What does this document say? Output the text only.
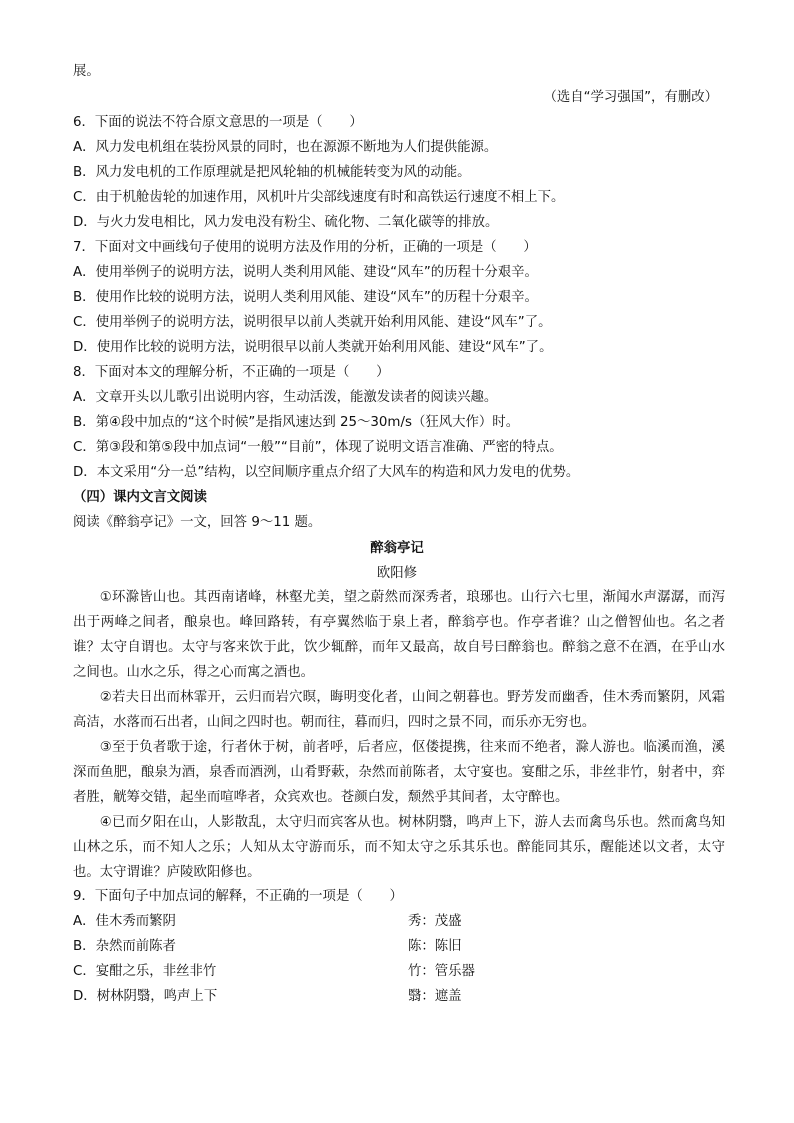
展。
（选自“学习强国”，有删改）
6．下面的说法不符合原文意思的一项是（　　）
A．风力发电机组在装扮风景的同时，也在源源不断地为人们提供能源。
B．风力发电机的工作原理就是把风轮轴的机械能转变为风的动能。
C．由于机舱齿轮的加速作用，风机叶片尖部线速度有时和高铁运行速度不相上下。
D．与火力发电相比，风力发电没有粉尘、硫化物、二氧化碳等的排放。
7．下面对文中画线句子使用的说明方法及作用的分析，正确的一项是（　　）
A．使用举例子的说明方法，说明人类利用风能、建设“风车”的历程十分艰辛。
B．使用作比较的说明方法，说明人类利用风能、建设“风车”的历程十分艰辛。
C．使用举例子的说明方法，说明很早以前人类就开始利用风能、建设“风车”了。
D．使用作比较的说明方法，说明很早以前人类就开始利用风能、建设“风车”了。
8．下面对本文的理解分析，不正确的一项是（　　）
A．文章开头以儿歌引出说明内容，生动活泼，能激发读者的阅读兴趣。
B．第④段中加点的“这个时候”是指风速达到 25～30m/s（狂风大作）时。
C．第③段和第⑤段中加点词“一般”“目前”，体现了说明文语言准确、严密的特点。
D．本文采用“分一总”结构，以空间顺序重点介绍了大风车的构造和风力发电的优势。
（四）课内文言文阅读
阅读《醉翁亭记》一文，回答 9～11 题。
醉翁亭记
欧阳修
①环滁皆山也。其西南诸峰，林壑尤美，望之蔚然而深秀者，琅琊也。山行六七里，渐闻水声潺潺，而泻出于两峰之间者，酿泉也。峰回路转，有亭翼然临于泉上者，醉翁亭也。作亭者谁？山之僧智仙也。名之者谁？太守自谓也。太守与客来饮于此，饮少辄醉，而年又最高，故自号曰醉翁也。醉翁之意不在酒，在乎山水之间也。山水之乐，得之心而寓之酒也。
②若夫日出而林霏开，云归而岩穴暝，晦明变化者，山间之朝暮也。野芳发而幽香，佳木秀而繁阴，风霜高洁，水落而石出者，山间之四时也。朝而往，暮而归，四时之景不同，而乐亦无穷也。
③至于负者歌于途，行者休于树，前者呼，后者应，伛偻提携，往来而不绝者，滁人游也。临溪而渔，溪深而鱼肥，酿泉为酒，泉香而酒洌，山肴野蔌，杂然而前陈者，太守宴也。宴酣之乐，非丝非竹，射者中，弈者胜，觥筹交错，起坐而喧哗者，众宾欢也。苍颜白发，颓然乎其间者，太守醉也。
④已而夕阳在山，人影散乱，太守归而宾客从也。树林阴翳，鸣声上下，游人去而禽鸟乐也。然而禽鸟知山林之乐，而不知人之乐；人知从太守游而乐，而不知太守之乐其乐也。醉能同其乐，醒能述以文者，太守也。太守谓谁？庐陵欧阳修也。
9．下面句子中加点词的解释，不正确的一项是（　　）
A．佳木秀而繁阴	秀：茂盛
B．杂然而前陈者	陈：陈旧
C．宴酣之乐，非丝非竹	竹：管乐器
D．树林阴翳，鸣声上下	翳：遮盖
